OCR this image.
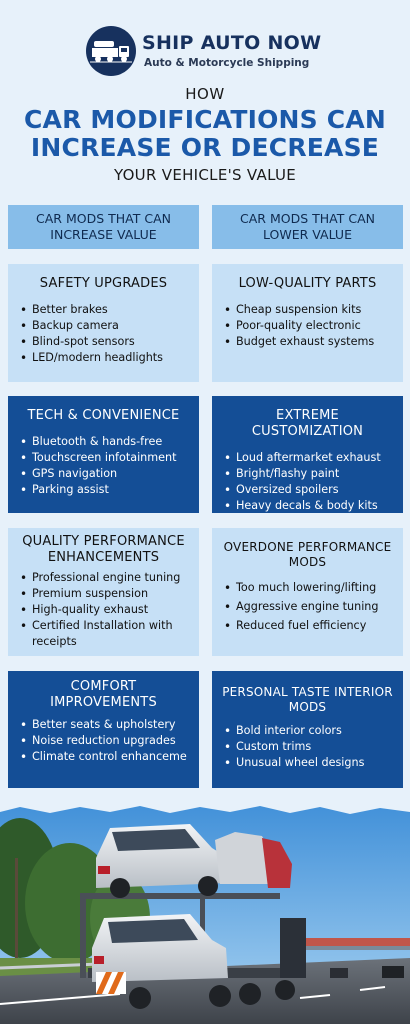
SHIP AUTO NOW
Auto & Motorcycle Shipping
HOW
CAR MODIFICATIONS CAN
INCREASE OR DECREASE
YOUR VEHICLE'S VALUE
CAR MODS THAT CAN INCREASE VALUE
CAR MODS THAT CAN LOWER VALUE
SAFETY UPGRADES
• Better brakes
• Backup camera
• Blind-spot sensors
• LED/modern headlights
TECH & CONVENIENCE
• Bluetooth & hands-free
• Touchscreen infotainment
• GPS navigation
• Parking assist
QUALITY PERFORMANCE ENHANCEMENTS
• Professional engine tuning
• Premium suspension
• High-quality exhaust
• Certified Installation with receipts
COMFORT IMPROVEMENTS
• Better seats & upholstery
• Noise reduction upgrades
• Climate control enhanceme
LOW-QUALITY PARTS
• Cheap suspension kits
• Poor-quality electronic
• Budget exhaust systems
EXTREME CUSTOMIZATION
• Loud aftermarket exhaust
• Bright/flashy paint
• Oversized spoilers
• Heavy decals & body kits
OVERDONE PERFORMANCE MODS
• Too much lowering/lifting
• Aggressive engine tuning
• Reduced fuel efficiency
PERSONAL TASTE INTERIOR MODS
• Bold interior colors
• Custom trims
• Unusual wheel designs
